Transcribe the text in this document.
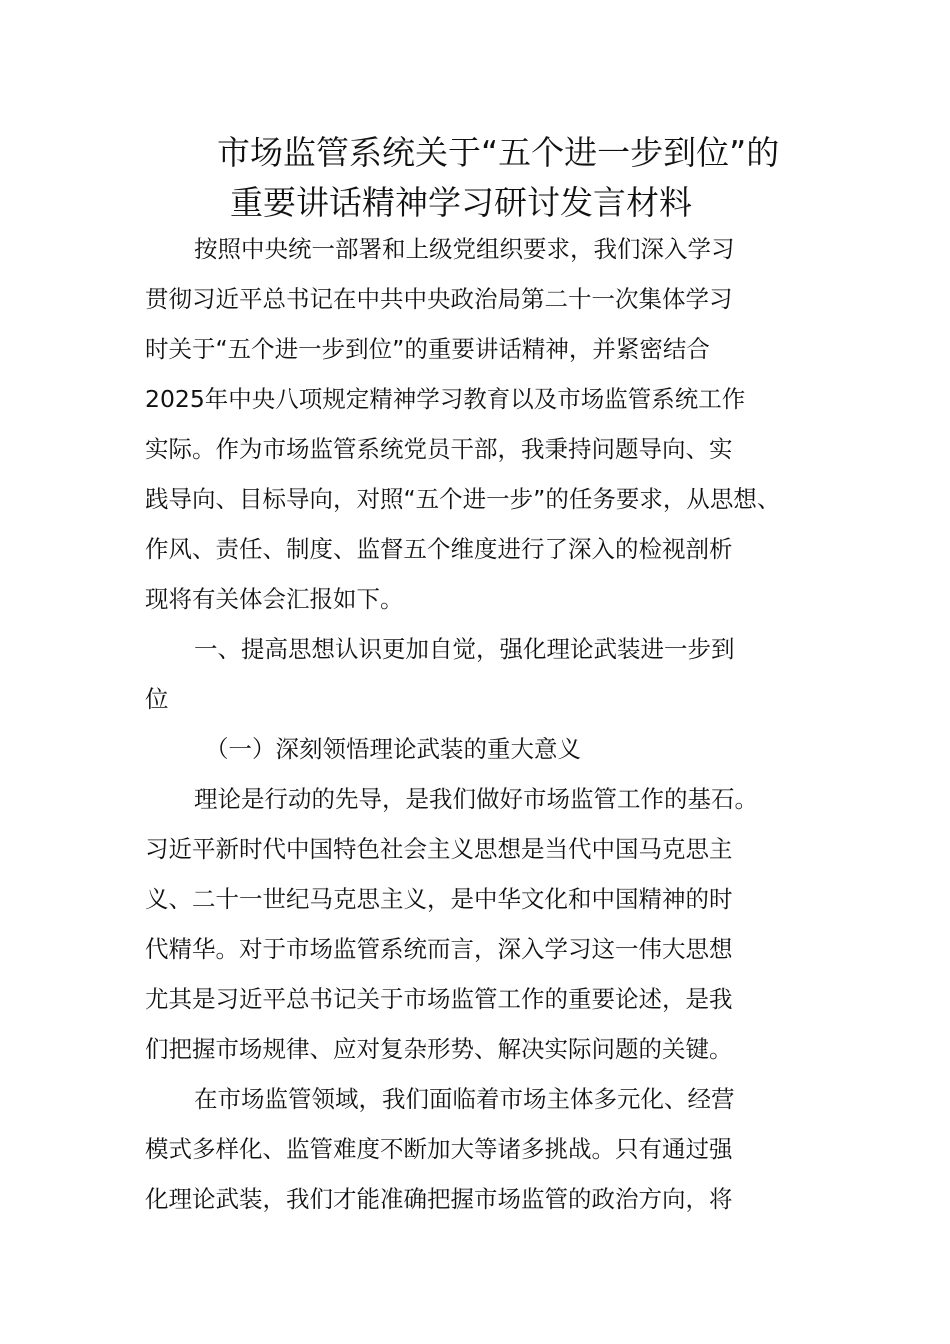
市场监管系统关于“五个进一步到位”的
重要讲话精神学习研讨发言材料
按照中央统一部署和上级党组织要求，我们深入学习
贯彻习近平总书记在中共中央政治局第二十一次集体学习
时关于“五个进一步到位”的重要讲话精神，并紧密结合
2025年中央八项规定精神学习教育以及市场监管系统工作
实际。作为市场监管系统党员干部，我秉持问题导向、实
践导向、目标导向，对照“五个进一步”的任务要求，从思想、
作风、责任、制度、监督五个维度进行了深入的检视剖析
现将有关体会汇报如下。
一、提高思想认识更加自觉，强化理论武装进一步到
位
（一）深刻领悟理论武装的重大意义
理论是行动的先导，是我们做好市场监管工作的基石。
习近平新时代中国特色社会主义思想是当代中国马克思主
义、二十一世纪马克思主义，是中华文化和中国精神的时
代精华。对于市场监管系统而言，深入学习这一伟大思想
尤其是习近平总书记关于市场监管工作的重要论述，是我
们把握市场规律、应对复杂形势、解决实际问题的关键。
在市场监管领域，我们面临着市场主体多元化、经营
模式多样化、监管难度不断加大等诸多挑战。只有通过强
化理论武装，我们才能准确把握市场监管的政治方向，将
